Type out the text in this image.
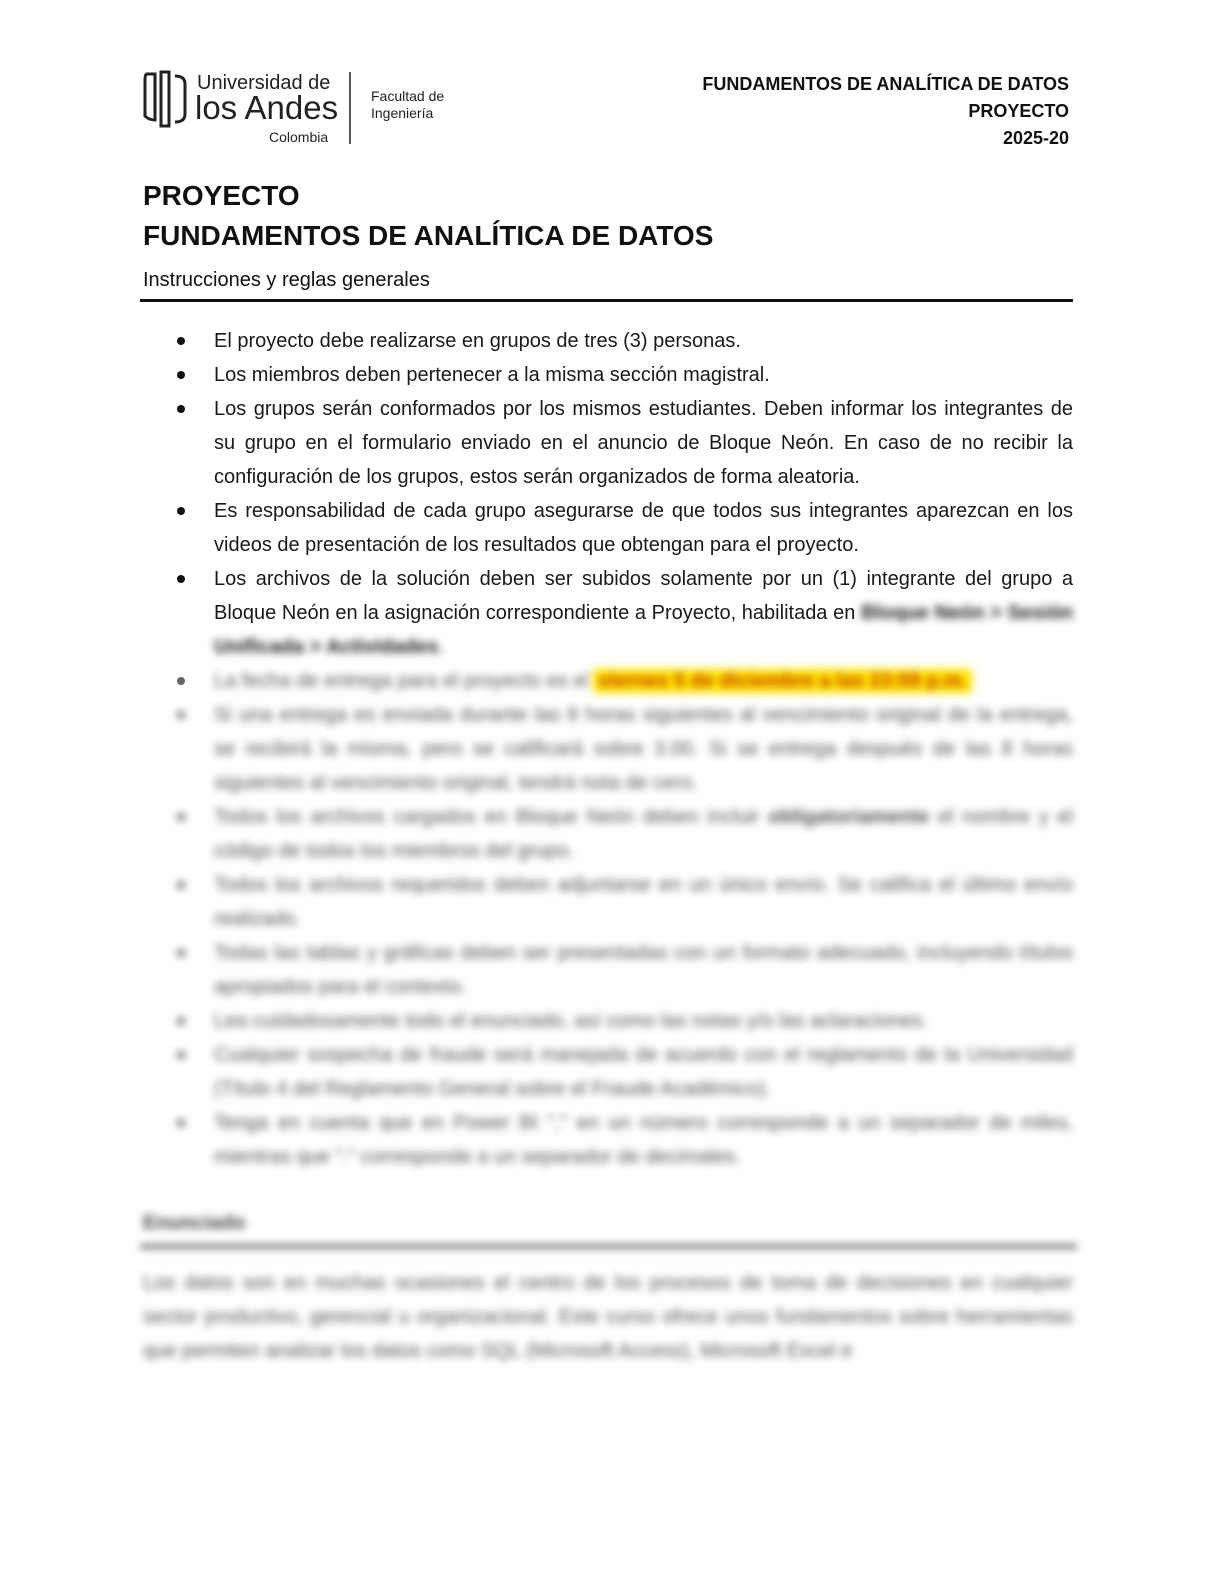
Universidad de
los Andes
Colombia
Facultad de
Ingeniería
FUNDAMENTOS DE ANALÍTICA DE DATOS
PROYECTO
2025-20
PROYECTO
FUNDAMENTOS DE ANALÍTICA DE DATOS
Instrucciones y reglas generales
El proyecto debe realizarse en grupos de tres (3) personas.
Los miembros deben pertenecer a la misma sección magistral.
Los grupos serán conformados por los mismos estudiantes. Deben informar los integrantes de su grupo en el formulario enviado en el anuncio de Bloque Neón. En caso de no recibir la configuración de los grupos, estos serán organizados de forma aleatoria.
Es responsabilidad de cada grupo asegurarse de que todos sus integrantes aparezcan en los videos de presentación de los resultados que obtengan para el proyecto.
Los archivos de la solución deben ser subidos solamente por un (1) integrante del grupo a Bloque Neón en la asignación correspondiente a Proyecto, habilitada en Bloque Neón > Sesión Unificada > Actividades.
La fecha de entrega para el proyecto es el viernes 5 de diciembre a las 23:59 p.m.
Si una entrega es enviada durante las 8 horas siguientes al vencimiento original de la entrega, se recibirá la misma, pero se calificará sobre 3.00. Si se entrega después de las 8 horas siguientes al vencimiento original, tendrá nota de cero.
Todos los archivos cargados en Bloque Neón deben incluir obligatoriamente el nombre y el código de todos los miembros del grupo.
Todos los archivos requeridos deben adjuntarse en un único envío. Se califica el último envío realizado.
Todas las tablas y gráficas deben ser presentadas con un formato adecuado, incluyendo títulos apropiados para el contexto.
Lea cuidadosamente todo el enunciado, así como las notas y/o las aclaraciones.
Cualquier sospecha de fraude será manejada de acuerdo con el reglamento de la Universidad (Título 4 del Reglamento General sobre el Fraude Académico).
Tenga en cuenta que en Power BI "," en un número corresponde a un separador de miles, mientras que "." corresponde a un separador de decimales.
Enunciado

Los datos son en muchas ocasiones el centro de los procesos de toma de decisiones en cualquier sector productivo, gerencial u organizacional. Este curso ofrece unos fundamentos sobre herramientas que permiten analizar los datos como SQL (Microsoft Access), Microsoft Excel e
